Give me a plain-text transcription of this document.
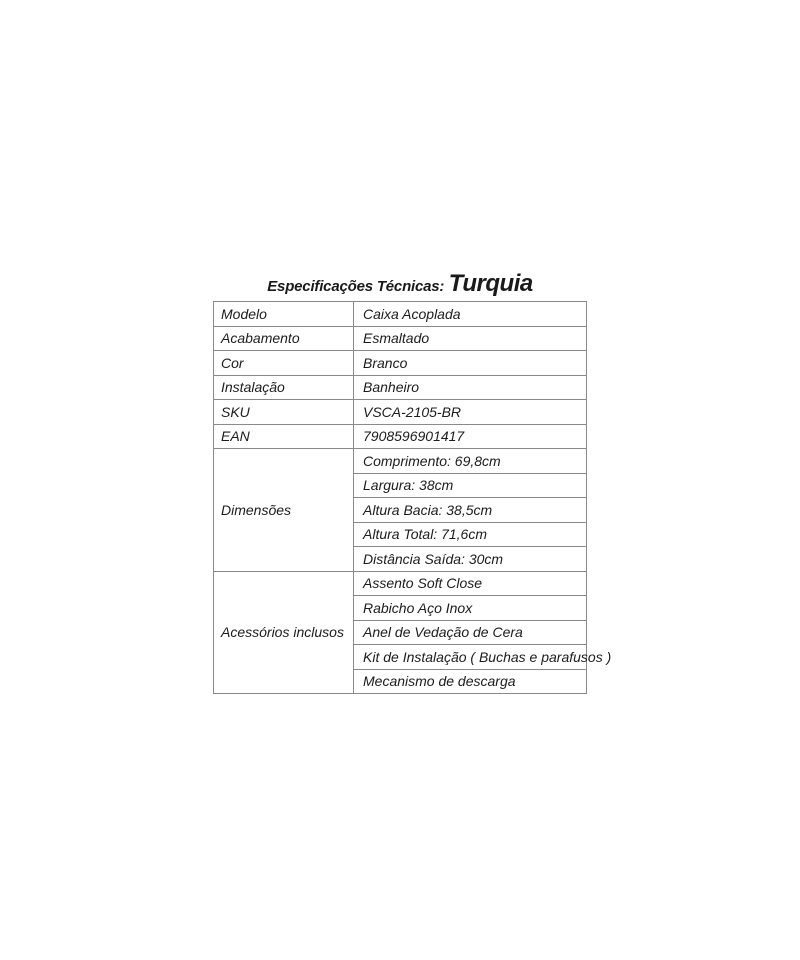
Especificações Técnicas: Turquia
Modelo	Caixa Acoplada
Acabamento	Esmaltado
Cor	Branco
Instalação	Banheiro
SKU	VSCA-2105-BR
EAN	7908596901417
Dimensões	Comprimento: 69,8cm
	Largura: 38cm
	Altura Bacia: 38,5cm
	Altura Total: 71,6cm
	Distância Saída: 30cm
Acessórios inclusos	Assento Soft Close
	Rabicho Aço Inox
	Anel de Vedação de Cera
	Kit de Instalação ( Buchas e parafusos )
	Mecanismo de descarga
